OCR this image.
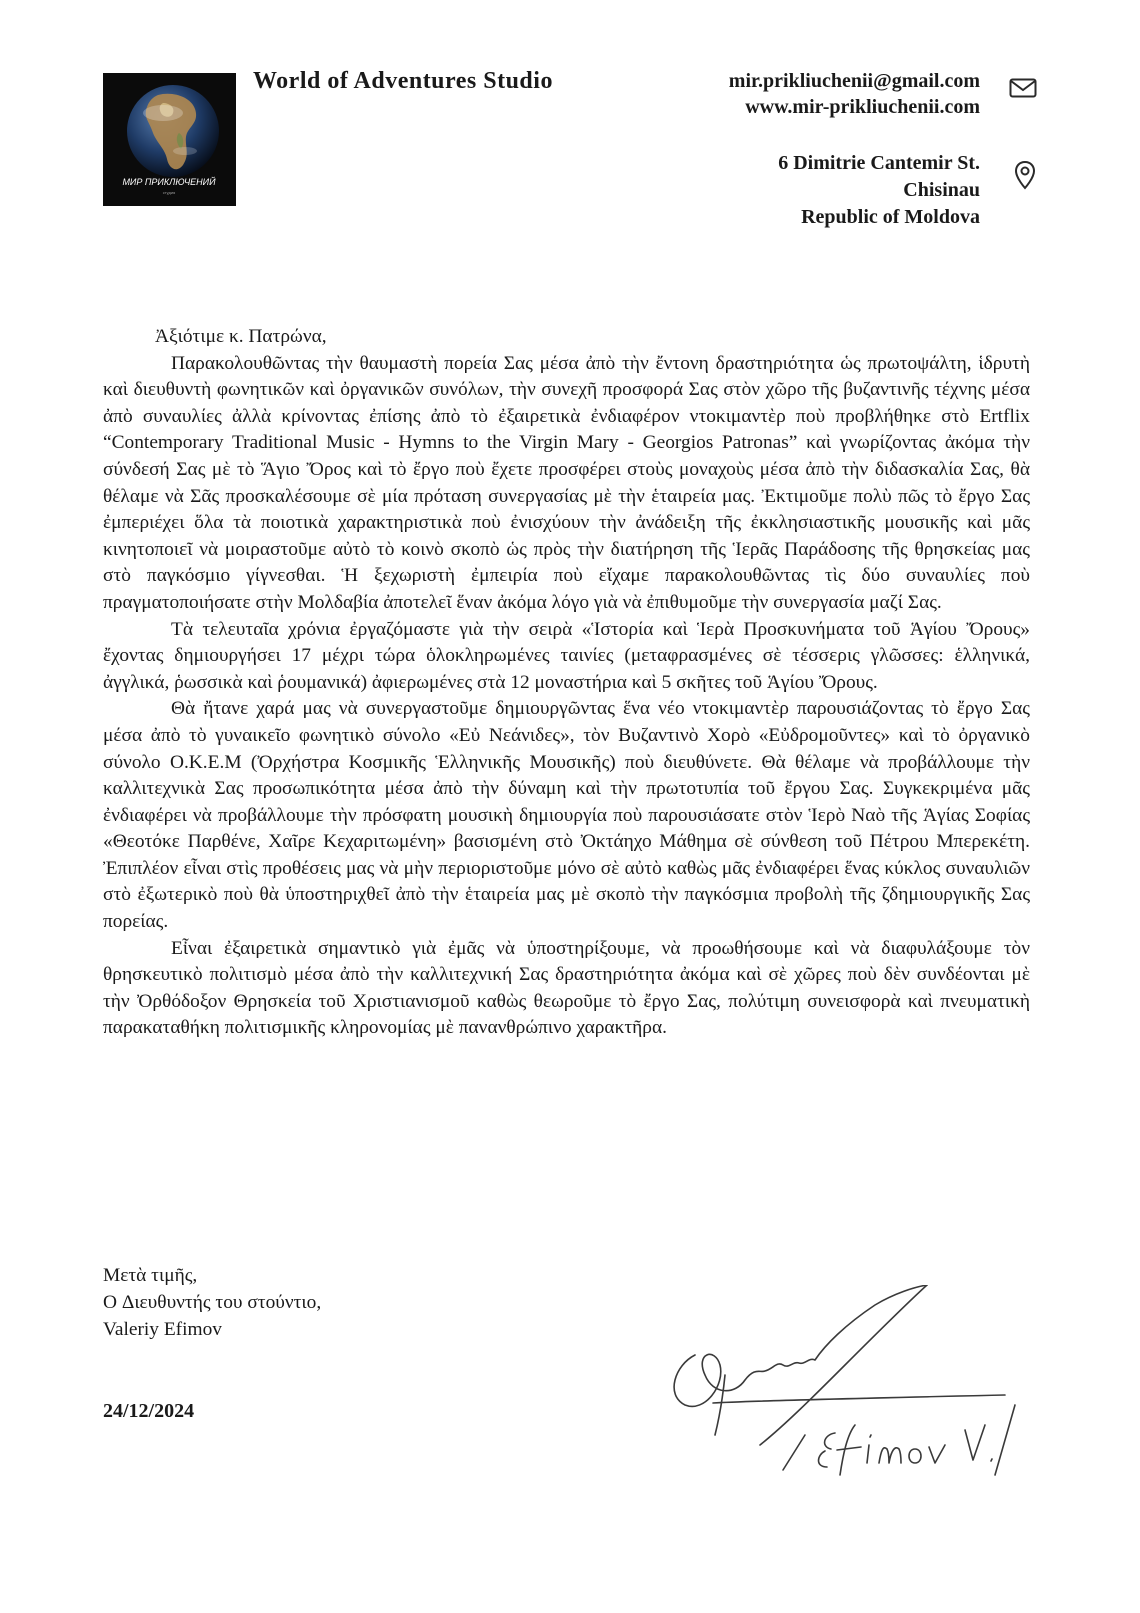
МИР ПРИКЛЮЧЕНИЙ
студия
World of Adventures Studio	mir.prikliuchenii@gmail.com
www.mir-prikliuchenii.com
6 Dimitrie Cantemir St.
Chisinau
Republic of Moldova
Ἀξιότιμε κ. Πατρώνα,

Παρακολουθῶντας τὴν θαυμαστὴ πορεία Σας μέσα ἀπὸ τὴν ἔντονη δραστηριότητα ὡς πρωτοψάλτη, ἱδρυτὴ καὶ διευθυντὴ φωνητικῶν καὶ ὀργανικῶν συνόλων, τὴν συνεχῆ προσφορά Σας στὸν χῶρο τῆς βυζαντινῆς τέχνης μέσα ἀπὸ συναυλίες ἀλλὰ κρίνοντας ἐπίσης ἀπὸ τὸ ἐξαιρετικὰ ἐνδιαφέρον ντοκιμαντὲρ ποὺ προβλήθηκε στὸ Ertflix “Contemporary Traditional Music - Hymns to the Virgin Mary - Georgios Patronas” καὶ γνωρίζοντας ἀκόμα τὴν σύνδεσή Σας μὲ τὸ Ἅγιο Ὄρος καὶ τὸ ἔργο ποὺ ἔχετε προσφέρει στοὺς μοναχοὺς μέσα ἀπὸ τὴν διδασκαλία Σας, θὰ θέλαμε νὰ Σᾶς προσκαλέσουμε σὲ μία πρόταση συνεργασίας μὲ τὴν ἑταιρεία μας. Ἐκτιμοῦμε πολὺ πῶς τὸ ἔργο Σας ἐμπεριέχει ὅλα τὰ ποιοτικὰ χαρακτηριστικὰ ποὺ ἐνισχύουν τὴν ἀνάδειξη τῆς ἐκκλησιαστικῆς μουσικῆς καὶ μᾶς κινητοποιεῖ νὰ μοιραστοῦμε αὐτὸ τὸ κοινὸ σκοπὸ ὡς πρὸς τὴν διατήρηση τῆς Ἱερᾶς Παράδοσης τῆς θρησκείας μας στὸ παγκόσμιο γίγνεσθαι. Ἡ ξεχωριστὴ ἐμπειρία ποὺ εἴχαμε παρακολουθῶντας τὶς δύο συναυλίες ποὺ πραγματοποιήσατε στὴν Μολδαβία ἀποτελεῖ ἕναν ἀκόμα λόγο γιὰ νὰ ἐπιθυμοῦμε τὴν συνεργασία μαζί Σας.

Τὰ τελευταῖα χρόνια ἐργαζόμαστε γιὰ τὴν σειρὰ «Ἱστορία καὶ Ἱερὰ Προσκυνήματα τοῦ Ἁγίου Ὄρους» ἔχοντας δημιουργήσει 17 μέχρι τώρα ὁλοκληρωμένες ταινίες (μεταφρασμένες σὲ τέσσερις γλῶσσες: ἑλληνικά, ἀγγλικά, ῥωσσικὰ καὶ ῥουμανικά) ἀφιερωμένες στὰ 12 μοναστήρια καὶ 5 σκῆτες τοῦ Ἁγίου Ὄρους.

Θὰ ἤτανε χαρά μας νὰ συνεργαστοῦμε δημιουργῶντας ἕνα νέο ντοκιμαντὲρ παρουσιάζοντας τὸ ἔργο Σας μέσα ἀπὸ τὸ γυναικεῖο φωνητικὸ σύνολο «Εὐ Νεάνιδες», τὸν Βυζαντινὸ Χορὸ «Εὐδρομοῦντες» καὶ τὸ ὀργανικὸ σύνολο Ο.Κ.Ε.Μ (Ὀρχήστρα Κοσμικῆς Ἑλληνικῆς Μουσικῆς) ποὺ διευθύνετε. Θὰ θέλαμε νὰ προβάλλουμε τὴν καλλιτεχνικὰ Σας προσωπικότητα μέσα ἀπὸ τὴν δύναμη καὶ τὴν πρωτοτυπία τοῦ ἔργου Σας. Συγκεκριμένα μᾶς ἐνδιαφέρει νὰ προβάλλουμε τὴν πρόσφατη μουσικὴ δημιουργία ποὺ παρουσιάσατε στὸν Ἱερὸ Ναὸ τῆς Ἁγίας Σοφίας «Θεοτόκε Παρθένε, Χαῖρε Κεχαριτωμένη» βασισμένη στὸ Ὀκτάηχο Μάθημα σὲ σύνθεση τοῦ Πέτρου Μπερεκέτη. Ἐπιπλέον εἶναι στὶς προθέσεις μας νὰ μὴν περιοριστοῦμε μόνο σὲ αὐτὸ καθὼς μᾶς ἐνδιαφέρει ἕνας κύκλος συναυλιῶν στὸ ἐξωτερικὸ ποὺ θὰ ὑποστηριχθεῖ ἀπὸ τὴν ἑταιρεία μας μὲ σκοπὸ τὴν παγκόσμια προβολὴ τῆς ζδημιουργικῆς Σας πορείας.

Εἶναι ἐξαιρετικὰ σημαντικὸ γιὰ ἐμᾶς νὰ ὑποστηρίξουμε, νὰ προωθήσουμε καὶ νὰ διαφυλάξουμε τὸν θρησκευτικὸ πολιτισμὸ μέσα ἀπὸ τὴν καλλιτεχνική Σας δραστηριότητα ἀκόμα καὶ σὲ χῶρες ποὺ δὲν συνδέονται μὲ τὴν Ὀρθόδοξον Θρησκεία τοῦ Χριστιανισμοῦ καθὼς θεωροῦμε τὸ ἔργο Σας, πολύτιμη συνεισφορὰ καὶ πνευματικὴ παρακαταθήκη πολιτισμικῆς κληρονομίας μὲ πανανθρώπινο χαρακτῆρα.

Μετὰ τιμῆς,
O Διευθυντής του στούντιο,
Valeriy Efimov
24/12/2024
